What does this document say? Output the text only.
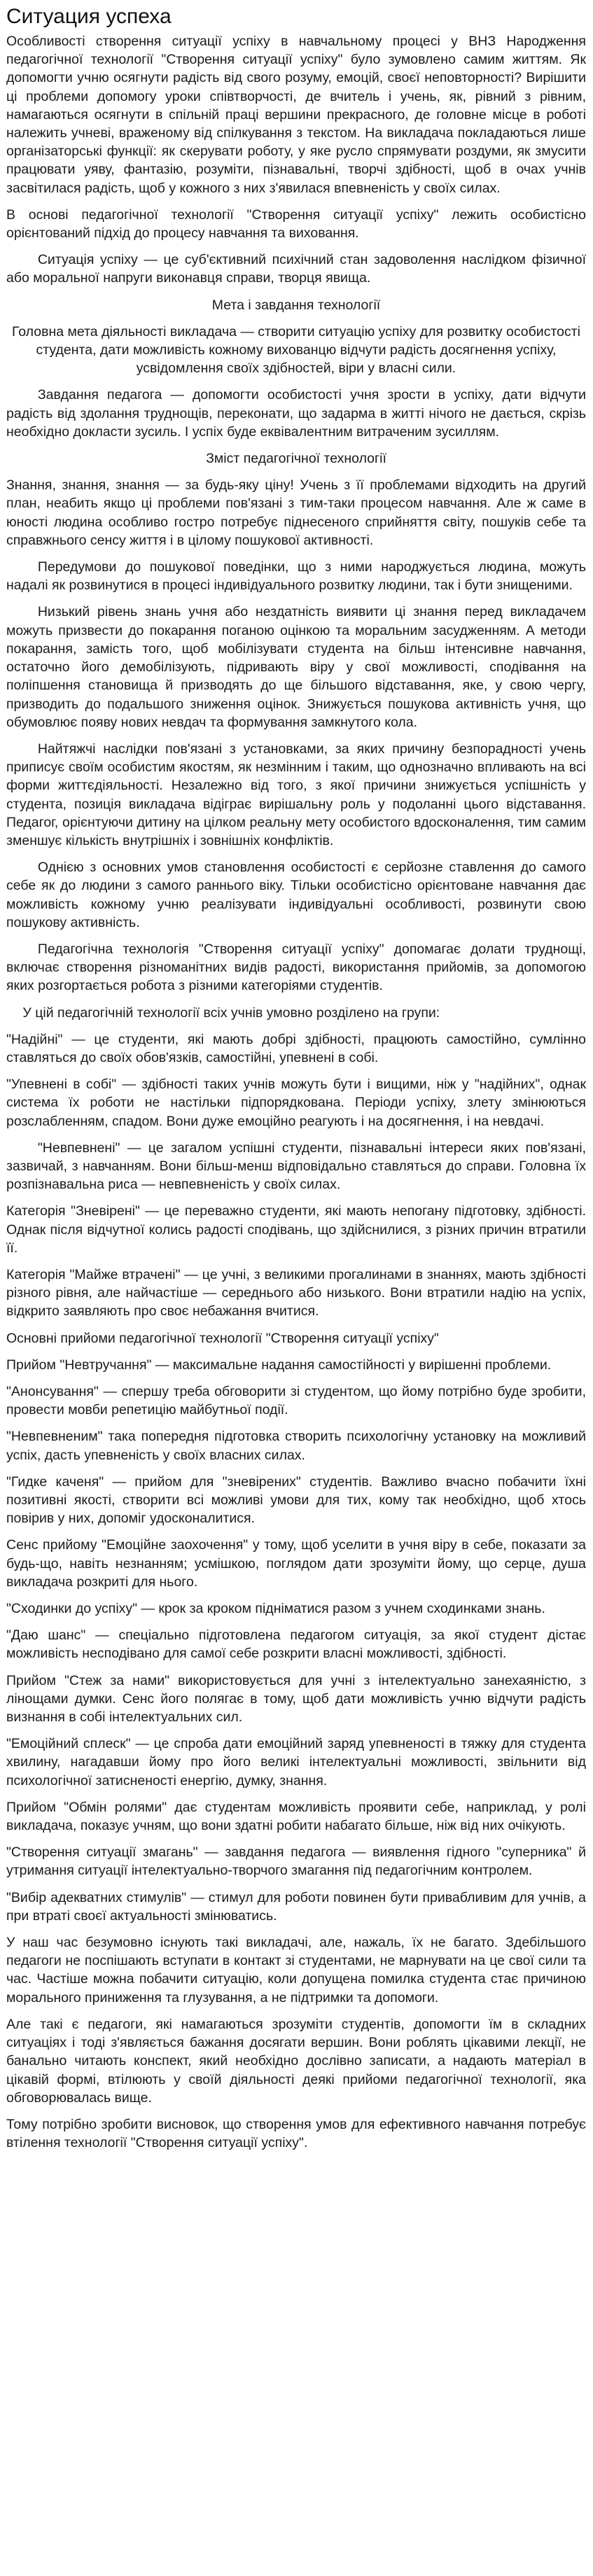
Ситуация успеха

Особливості створення ситуації успіху в навчальному процесі у ВНЗ Народження педагогічної технології "Створення ситуації успіху" було зумовлено самим життям. Як допомогти учню осягнути радість від свого розуму, емоцій, своєї неповторності? Вирішити ці проблеми допомогу уроки співтворчості, де вчитель і учень, як, рівний з рівним, намагаються осягнути в спільній праці вершини прекрасного, де головне місце в роботі належить учневі, враженому від спілкування з текстом. На викладача покладаються лише організаторські функції: як скерувати роботу, у яке русло спрямувати роздуми, як змусити працювати уяву, фантазію, розуміти, пізнавальні, творчі здібності, щоб в очах учнів засвітилася радість, щоб у кожного з них з'явилася впевненість у своїх силах.

В основі педагогічної технології "Створення ситуації успіху" лежить особистісно орієнтований підхід до процесу навчання та виховання.

Ситуація успіху — це суб'єктивний психічний стан задоволення наслідком фізичної або моральної напруги виконавця справи, творця явища.

Мета і завдання технології

Головна мета діяльності викладача — створити ситуацію успіху для розвитку особистості студента, дати можливість кожному вихованцю відчути радість досягнення успіху, усвідомлення своїх здібностей, віри у власні сили.

Завдання педагога — допомогти особистості учня зрости в успіху, дати відчути радість від здолання труднощів, переконати, що задарма в житті нічого не дається, скрізь необхідно докласти зусиль. І успіх буде еквівалентним витраченим зусиллям.

Зміст педагогічної технології

Знання, знання, знання — за будь-яку ціну! Учень з її проблемами відходить на другий план, неабить якщо ці проблеми пов'язані з тим-таки процесом навчання. Але ж саме в юності людина особливо гостро потребує піднесеного сприйняття світу, пошуків себе та справжнього сенсу життя і в цілому пошукової активності.

Передумови до пошукової поведінки, що з ними народжується людина, можуть надалі як розвинутися в процесі індивідуального розвитку людини, так і бути знищеними.

Низький рівень знань учня або нездатність виявити ці знання перед викладачем можуть призвести до покарання поганою оцінкою та моральним засудженням. А методи покарання, замість того, щоб мобілізувати студента на більш інтенсивне навчання, остаточно його демобілізують, підривають віру у свої можливості, сподівання на поліпшення становища й призводять до ще більшого відставання, яке, у свою чергу, призводить до подальшого зниження оцінок. Знижується пошукова активність учня, що обумовлює появу нових невдач та формування замкнутого кола.

Найтяжчі наслідки пов'язані з установками, за яких причину безпорадності учень приписує своїм особистим якостям, як незмінним і таким, що однозначно впливають на всі форми життєдіяльності. Незалежно від того, з якої причини знижується успішність у студента, позиція викладача відіграє вирішальну роль у подоланні цього відставання. Педагог, орієнтуючи дитину на цілком реальну мету особистого вдосконалення, тим самим зменшує кількість внутрішніх і зовнішніх конфліктів.

Однією з основних умов становлення особистості є серйозне ставлення до самого себе як до людини з самого раннього віку. Тільки особистісно орієнтоване навчання дає можливість кожному учню реалізувати індивідуальні особливості, розвинути свою пошукову активність.

Педагогічна технологія "Створення ситуації успіху" допомагає долати труднощі, включає створення різноманітних видів радості, використання прийомів, за допомогою яких розгортається робота з різними категоріями студентів.

У цій педагогічній технології всіх учнів умовно розділено на групи:

"Надійні" — це студенти, які мають добрі здібності, працюють самостійно, сумлінно ставляться до своїх обов'язків, самостійні, упевнені в собі.

"Упевнені в собі" — здібності таких учнів можуть бути і вищими, ніж у "надійних", однак система їх роботи не настільки підпорядкована. Періоди успіху, злету змінюються розслабленням, спадом. Вони дуже емоційно реагують і на досягнення, і на невдачі.

"Невпевнені" — це загалом успішні студенти, пізнавальні інтереси яких пов'язані, зазвичай, з навчанням. Вони більш-менш відповідально ставляться до справи. Головна їх розпізнавальна риса — невпевненість у своїх силах.

Категорія "Зневірені" — це переважно студенти, які мають непогану підготовку, здібності. Однак після відчутної колись радості сподівань, що здійснилися, з різних причин втратили її.

Категорія "Майже втрачені" — це учні, з великими прогалинами в знаннях, мають здібності різного рівня, але найчастіше — середнього або низького. Вони втратили надію на успіх, відкрито заявляють про своє небажання вчитися.

Основні прийоми педагогічної технології "Створення ситуації успіху"

Прийом "Невтручання" — максимальне надання самостійності у вирішенні проблеми.

"Анонсування" — спершу треба обговорити зі студентом, що йому потрібно буде зробити, провести мовби репетицію майбутньої події.

"Невпевненим" така попередня підготовка створить психологічну установку на можливий успіх, дасть упевненість у своїх власних силах.

"Гидке каченя" — прийом для "зневірених" студентів. Важливо вчасно побачити їхні позитивні якості, створити всі можливі умови для тих, кому так необхідно, щоб хтось повірив у них, допоміг удосконалитися.

Сенс прийому "Емоційне заохочення" у тому, щоб уселити в учня віру в себе, показати за будь-що, навіть незнанням; усмішкою, поглядом дати зрозуміти йому, що серце, душа викладача розкриті для нього.

"Сходинки до успіху" — крок за кроком підніматися разом з учнем сходинками знань.

"Даю шанс" — спеціально підготовлена педагогом ситуація, за якої студент дістає можливість несподівано для самої себе розкрити власні можливості, здібності.

Прийом "Стеж за нами" використовується для учні з інтелектуально занехаяністю, з лінощами думки. Сенс його полягає в тому, щоб дати можливість учню відчути радість визнання в собі інтелектуальних сил.

"Емоційний сплеск" — це спроба дати емоційний заряд упевненості в тяжку для студента хвилину, нагадавши йому про його великі інтелектуальні можливості, звільнити від психологічної затисненості енергію, думку, знання.

Прийом "Обмін ролями" дає студентам можливість проявити себе, наприклад, у ролі викладача, показує учням, що вони здатні робити набагато більше, ніж від них очікують.

"Створення ситуації змагань" — завдання педагога — виявлення гідного "суперника" й утримання ситуації інтелектуально-творчого змагання під педагогічним контролем.

"Вибір адекватних стимулів" — стимул для роботи повинен бути привабливим для учнів, а при втраті своєї актуальності змінюватись.

У наш час безумовно існують такі викладачі, але, нажаль, їх не багато. Здебільшого педагоги не поспішають вступати в контакт зі студентами, не марнувати на це свої сили та час. Частіше можна побачити ситуацію, коли допущена помилка студента стає причиною морального приниження та глузування, а не підтримки та допомоги.

Але такі є педагоги, які намагаються зрозуміти студентів, допомогти їм в складних ситуаціях і тоді з'являється бажання досягати вершин. Вони роблять цікавими лекції, не банально читають конспект, який необхідно дослівно записати, а надають матеріал в цікавій формі, втілюють у своїй діяльності деякі прийоми педагогічної технології, яка обговорювалась вище.

Тому потрібно зробити висновок, що створення умов для ефективного навчання потребує втілення технології "Створення ситуації успіху".
